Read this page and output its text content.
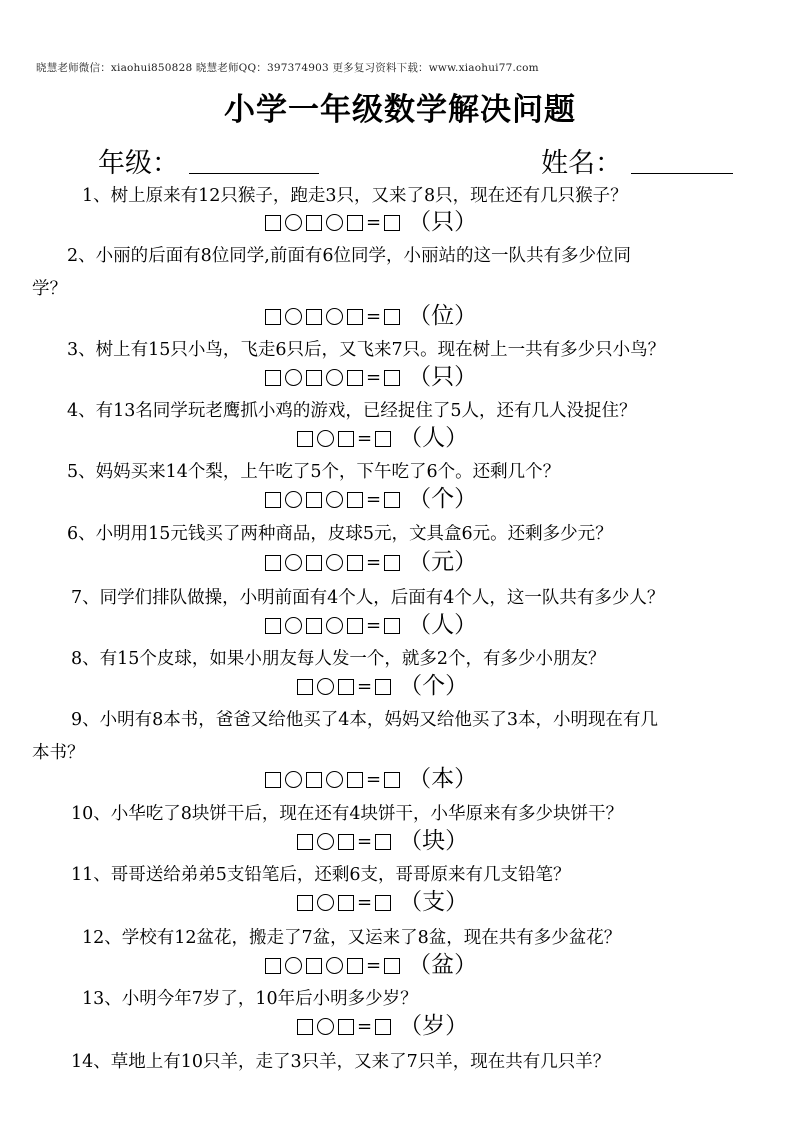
晓慧老师微信：xiaohui850828 晓慧老师QQ：397374903 更多复习资料下载：www.xiaohui77.com
小学一年级数学解决问题
年级：	姓名：
1、树上原来有12只猴子，跑走3只，又来了8只，现在还有几只猴子？
= （只）
2、小丽的后面有8位同学,前面有6位同学，小丽站的这一队共有多少位同
学？
= （位）
3、树上有15只小鸟，飞走6只后，又飞来7只。现在树上一共有多少只小鸟？
= （只）
4、有13名同学玩老鹰抓小鸡的游戏，已经捉住了5人，还有几人没捉住？
= （人）
5、妈妈买来14个梨，上午吃了5个，下午吃了6个。还剩几个？
= （个）
6、小明用15元钱买了两种商品，皮球5元，文具盒6元。还剩多少元？
= （元）
7、同学们排队做操，小明前面有4个人，后面有4个人，这一队共有多少人？
= （人）
8、有15个皮球，如果小朋友每人发一个，就多2个，有多少小朋友？
= （个）
9、小明有8本书，爸爸又给他买了4本，妈妈又给他买了3本，小明现在有几
本书？
= （本）
10、小华吃了8块饼干后，现在还有4块饼干，小华原来有多少块饼干？
= （块）
11、哥哥送给弟弟5支铅笔后，还剩6支，哥哥原来有几支铅笔？
= （支）
12、学校有12盆花，搬走了7盆，又运来了8盆，现在共有多少盆花？
= （盆）
13、小明今年7岁了，10年后小明多少岁？
= （岁）
14、草地上有10只羊，走了3只羊，又来了7只羊，现在共有几只羊？
